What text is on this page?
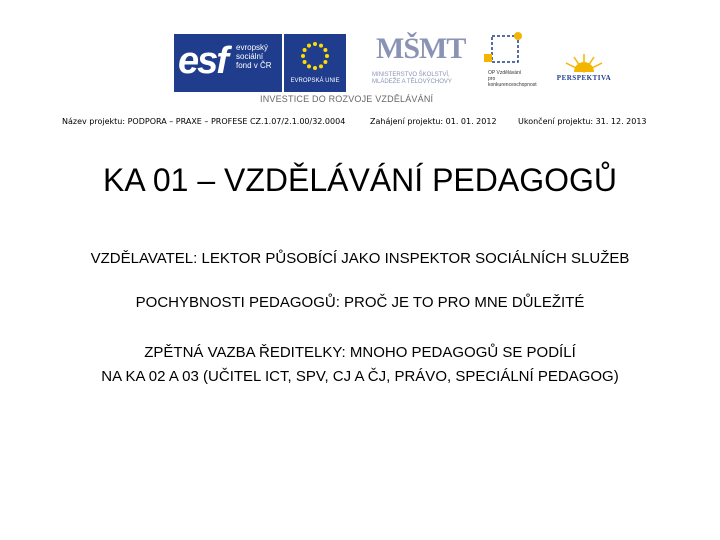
esf evropský
sociální
fond v ČR
EVROPSKÁ UNIE
MŠMT
MINISTERSTVO ŠKOLSTVÍ, MLÁDEŽE A TĚLOVÝCHOVY
OP Vzdělávání
pro konkurenceschopnost
PERSPEKTIVA
INVESTICE DO ROZVOJE VZDĚLÁVÁNÍ
Název projektu: PODPORA – PRAXE – PROFESE CZ.1.07/2.1.00/32.0004	Zahájení projektu: 01. 01. 2012	Ukončení projektu: 31. 12. 2013
KA 01 – VZDĚLÁVÁNÍ PEDAGOGŮ
VZDĚLAVATEL: LEKTOR PŮSOBÍCÍ JAKO INSPEKTOR SOCIÁLNÍCH SLUŽEB
POCHYBNOSTI PEDAGOGŮ: PROČ JE TO PRO MNE DŮLEŽITÉ
ZPĚTNÁ VAZBA ŘEDITELKY: MNOHO PEDAGOGŮ SE PODÍLÍ
NA KA 02 A 03 (UČITEL ICT, SPV, CJ A ČJ, PRÁVO, SPECIÁLNÍ PEDAGOG)
